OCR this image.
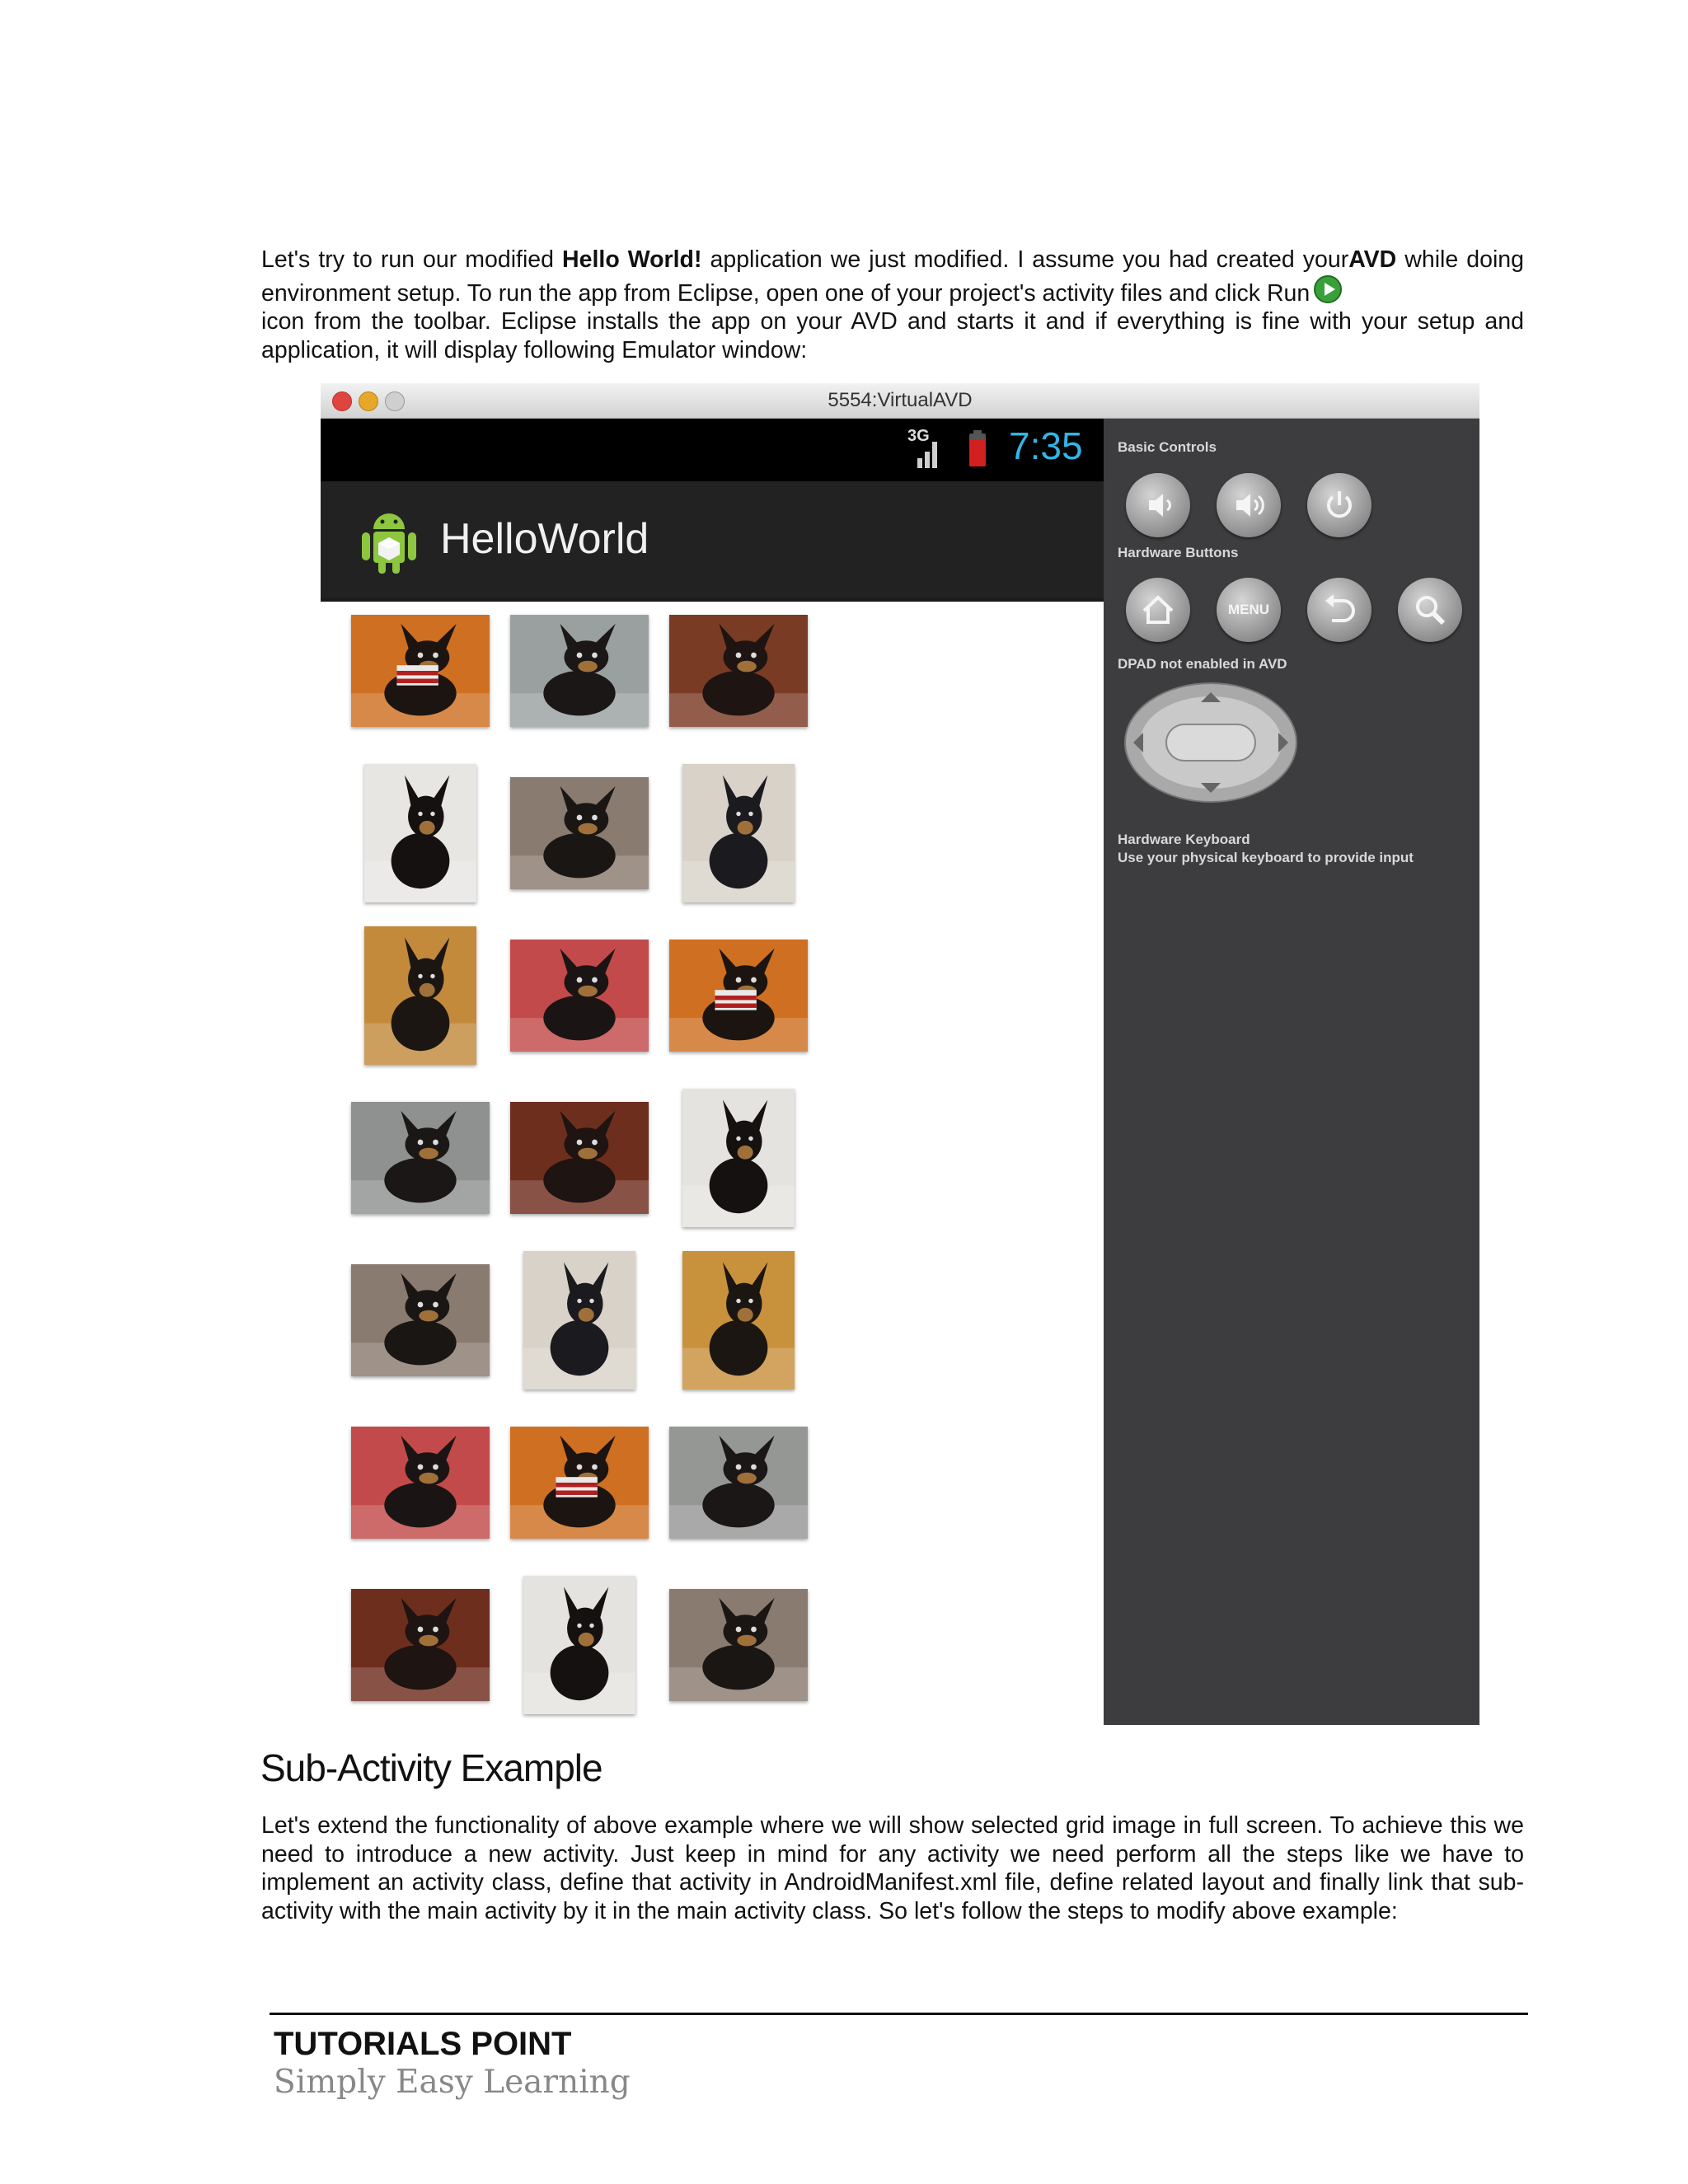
Let's try to run our modified Hello World! application we just modified. I assume you had created yourAVD while doing environment setup. To run the app from Eclipse, open one of your project's activity files and click Run
icon from the toolbar. Eclipse installs the app on your AVD and starts it and if everything is fine with your setup and application, it will display following Emulator window:
5554:VirtualAVD
3G 7:35
HelloWorld
Basic Controls
Hardware Buttons
MENU
DPAD not enabled in AVD
Hardware Keyboard
Use your physical keyboard to provide input
Sub-Activity Example
Let's extend the functionality of above example where we will show selected grid image in full screen. To achieve this we need to introduce a new activity. Just keep in mind for any activity we need perform all the steps like we have to implement an activity class, define that activity in AndroidManifest.xml file, define related layout and finally link that sub-activity with the main activity by it in the main activity class. So let's follow the steps to modify above example:
TUTORIALS POINT
Simply Easy Learning
